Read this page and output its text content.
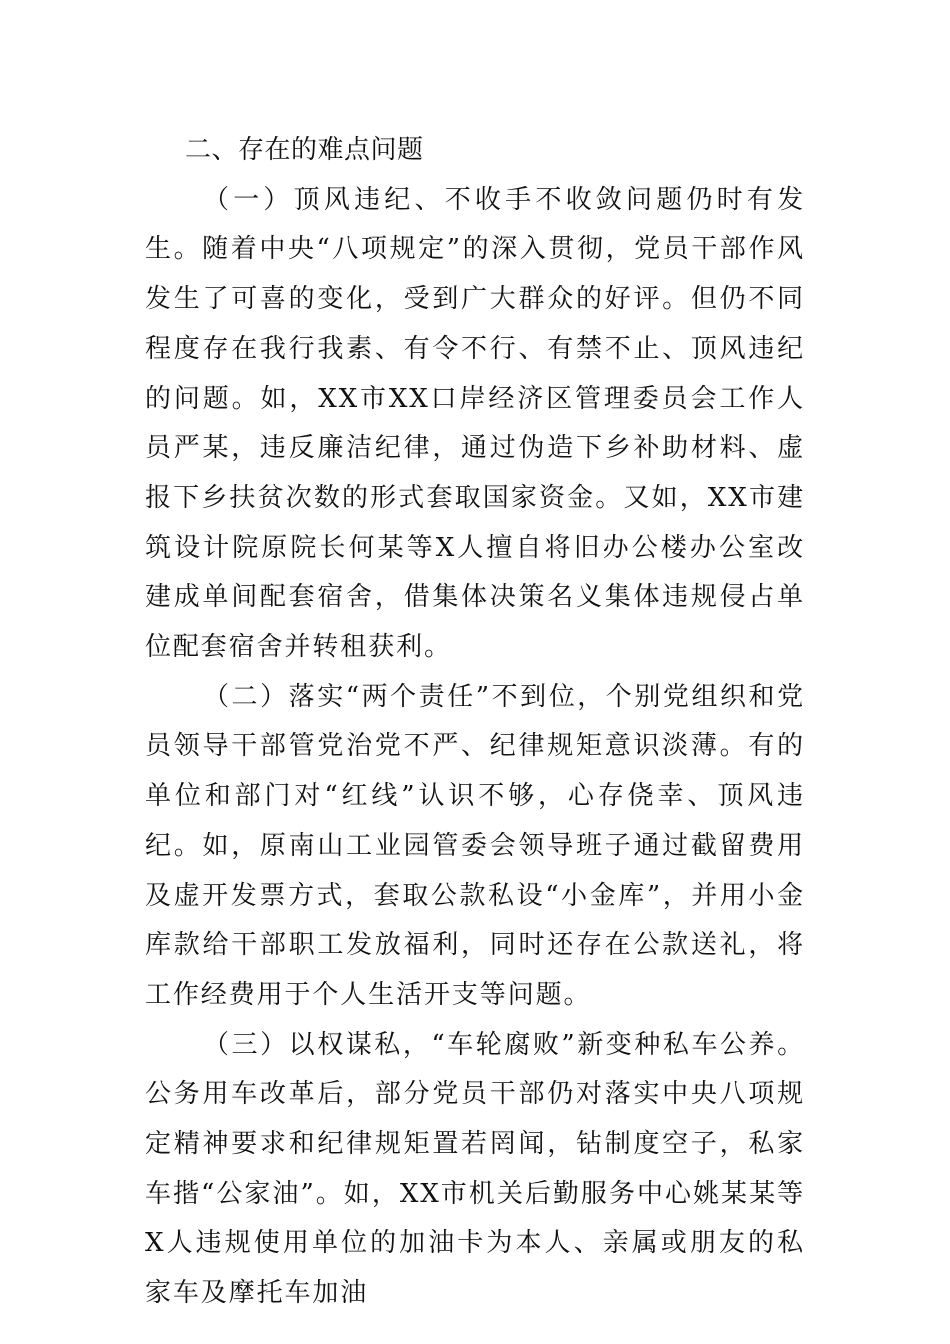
二、存在的难点问题

（一）顶风违纪、不收手不收敛问题仍时有发生。随着中央“八项规定”的深入贯彻，党员干部作风发生了可喜的变化，受到广大群众的好评。但仍不同程度存在我行我素、有令不行、有禁不止、顶风违纪的问题。如，XX市XX口岸经济区管理委员会工作人员严某，违反廉洁纪律，通过伪造下乡补助材料、虚报下乡扶贫次数的形式套取国家资金。又如，XX市建筑设计院原院长何某等X人擅自将旧办公楼办公室改建成单间配套宿舍，借集体决策名义集体违规侵占单位配套宿舍并转租获利。

（二）落实“两个责任”不到位，个别党组织和党员领导干部管党治党不严、纪律规矩意识淡薄。有的单位和部门对“红线”认识不够，心存侥幸、顶风违纪。如，原南山工业园管委会领导班子通过截留费用及虚开发票方式，套取公款私设“小金库”，并用小金库款给干部职工发放福利，同时还存在公款送礼，将工作经费用于个人生活开支等问题。

（三）以权谋私，“车轮腐败”新变种私车公养。公务用车改革后，部分党员干部仍对落实中央八项规定精神要求和纪律规矩置若罔闻，钻制度空子，私家车揩“公家油”。如，XX市机关后勤服务中心姚某某等X人违规使用单位的加油卡为本人、亲属或朋友的私家车及摩托车加油
